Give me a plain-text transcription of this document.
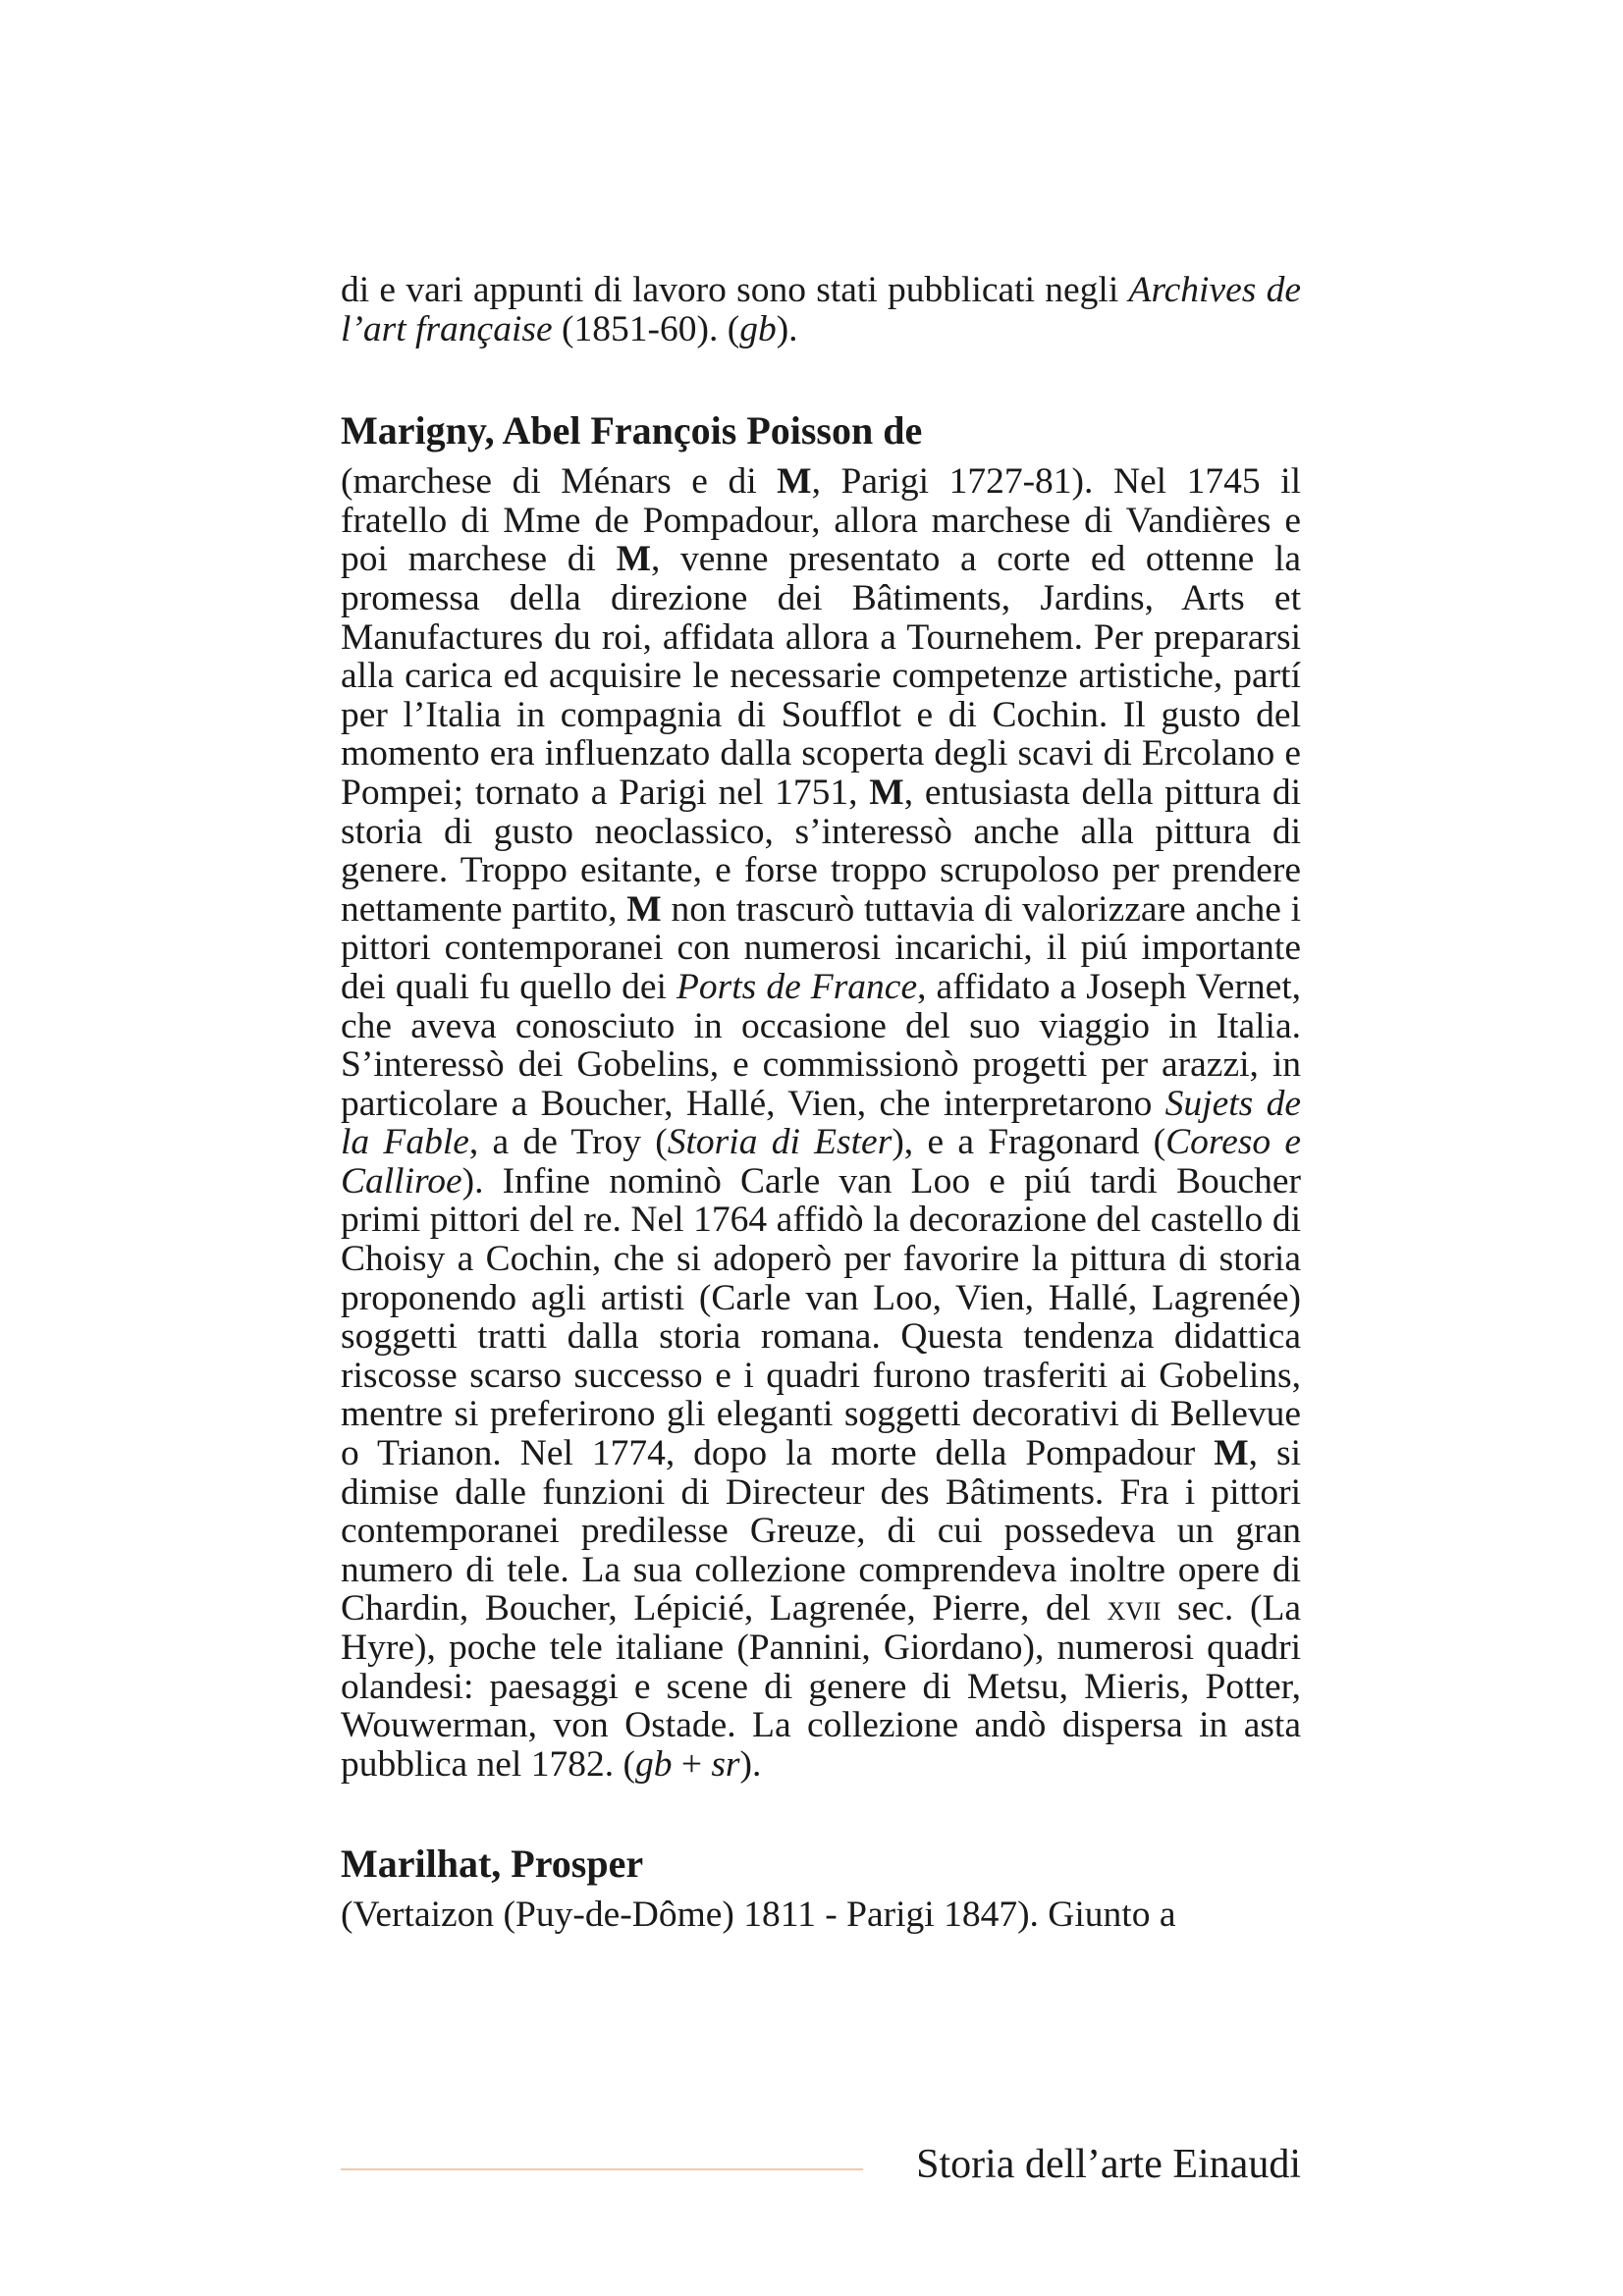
di e vari appunti di lavoro sono stati pubblicati negli Archives de l’art française (1851-60). (gb).

Marigny, Abel François Poisson de

(marchese di Ménars e di M, Parigi 1727-81). Nel 1745 il fratello di Mme de Pompadour, allora marchese di Vandières e poi marchese di M, venne presentato a corte ed ottenne la promessa della direzione dei Bâtiments, Jardins, Arts et Manufactures du roi, affidata allora a Tournehem. Per prepararsi alla carica ed acquisire le necessarie competenze artistiche, partí per l’Italia in compagnia di Soufflot e di Cochin. Il gusto del momento era influenzato dalla scoperta degli scavi di Ercolano e Pompei; tornato a Parigi nel 1751, M, entusiasta della pittura di storia di gusto neoclassico, s’interessò anche alla pittura di genere. Troppo esitante, e forse troppo scrupoloso per prendere nettamente partito, M non trascurò tuttavia di valorizzare anche i pittori contemporanei con numerosi incarichi, il piú importante dei quali fu quello dei Ports de France, affidato a Joseph Vernet, che aveva conosciuto in occasione del suo viaggio in Italia. S’interessò dei Gobelins, e commissionò progetti per arazzi, in particolare a Boucher, Hallé, Vien, che interpretarono Sujets de la Fable, a de Troy (Storia di Ester), e a Fragonard (Coreso e Calliroe). Infine nominò Carle van Loo e piú tardi Boucher primi pittori del re. Nel 1764 affidò la decorazione del castello di Choisy a Cochin, che si adoperò per favorire la pittura di storia proponendo agli artisti (Carle van Loo, Vien, Hallé, Lagrenée) soggetti tratti dalla storia romana. Questa tendenza didattica riscosse scarso successo e i quadri furono trasferiti ai Gobelins, mentre si preferirono gli eleganti soggetti decorativi di Bellevue o Trianon. Nel 1774, dopo la morte della Pompadour M, si dimise dalle funzioni di Directeur des Bâtiments. Fra i pittori contemporanei predilesse Greuze, di cui possedeva un gran numero di tele. La sua collezione comprendeva inoltre opere di Chardin, Boucher, Lépicié, Lagrenée, Pierre, del xvii sec. (La Hyre), poche tele italiane (Pannini, Giordano), numerosi quadri olandesi: paesaggi e scene di genere di Metsu, Mieris, Potter, Wouwerman, von Ostade. La collezione andò dispersa in asta pubblica nel 1782. (gb + sr).

Marilhat, Prosper

(Vertaizon (Puy-de-Dôme) 1811 - Parigi 1847). Giunto a

Storia dell’arte Einaudi
